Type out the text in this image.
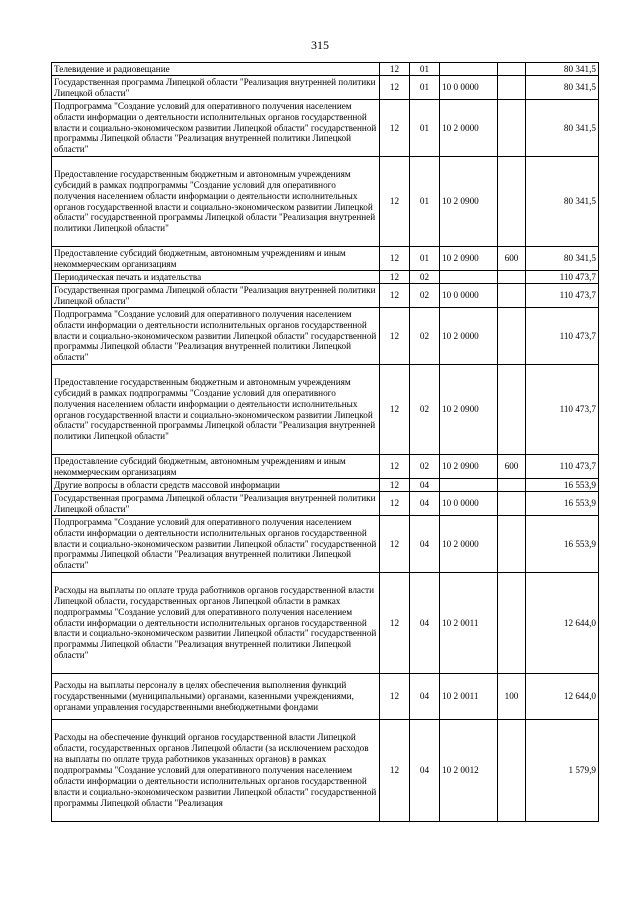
315
Телевидение и радиовещание	12	01			80 341,5
Государственная программа Липецкой области "Реализация внутренней политики Липецкой области"	12	01	10 0 0000		80 341,5
Подпрограмма "Создание условий для оперативного получения населением области информации о деятельности исполнительных органов государственной власти и социально-экономическом развитии Липецкой области" государственной программы Липецкой области "Реализация внутренней политики Липецкой области"	12	01	10 2 0000		80 341,5
Предоставление государственным бюджетным и автономным учреждениям субсидий в рамках подпрограммы "Создание условий для оперативного получения населением области информации о деятельности исполнительных органов государственной власти и социально-экономическом развитии Липецкой области" государственной программы Липецкой области "Реализация внутренней политики Липецкой области"	12	01	10 2 0900		80 341,5
Предоставление субсидий бюджетным, автономным учреждениям и иным некоммерческим организациям	12	01	10 2 0900	600	80 341,5
Периодическая печать и издательства	12	02			110 473,7
Государственная программа Липецкой области "Реализация внутренней политики Липецкой области"	12	02	10 0 0000		110 473,7
Подпрограмма "Создание условий для оперативного получения населением области информации о деятельности исполнительных органов государственной власти и социально-экономическом развитии Липецкой области" государственной программы Липецкой области "Реализация внутренней политики Липецкой области"	12	02	10 2 0000		110 473,7
Предоставление государственным бюджетным и автономным учреждениям субсидий в рамках подпрограммы "Создание условий для оперативного получения населением области информации о деятельности исполнительных органов государственной власти и социально-экономическом развитии Липецкой области" государственной программы Липецкой области "Реализация внутренней политики Липецкой области"	12	02	10 2 0900		110 473,7
Предоставление субсидий бюджетным, автономным учреждениям и иным некоммерческим организациям	12	02	10 2 0900	600	110 473,7
Другие вопросы в области средств массовой информации	12	04			16 553,9
Государственная программа Липецкой области "Реализация внутренней политики Липецкой области"	12	04	10 0 0000		16 553,9
Подпрограмма "Создание условий для оперативного получения населением области информации о деятельности исполнительных органов государственной власти и социально-экономическом развитии Липецкой области" государственной программы Липецкой области "Реализация внутренней политики Липецкой области"	12	04	10 2 0000		16 553,9
Расходы на выплаты по оплате труда работников органов государственной власти Липецкой области, государственных органов Липецкой области в рамках подпрограммы "Создание условий для оперативного получения населением области информации о деятельности исполнительных органов государственной власти и социально-экономическом развитии Липецкой области" государственной программы Липецкой области "Реализация внутренней политики Липецкой области"	12	04	10 2 0011		12 644,0
Расходы на выплаты персоналу в целях обеспечения выполнения функций государственными (муниципальными) органами, казенными учреждениями, органами управления государственными внебюджетными фондами	12	04	10 2 0011	100	12 644,0
Расходы на обеспечение функций органов государственной власти Липецкой области, государственных органов Липецкой области (за исключением расходов на выплаты по оплате труда работников указанных органов) в рамках подпрограммы "Создание условий для оперативного получения населением области информации о деятельности исполнительных органов государственной власти и социально-экономическом развитии Липецкой области" государственной программы Липецкой области "Реализация	12	04	10 2 0012		1 579,9
